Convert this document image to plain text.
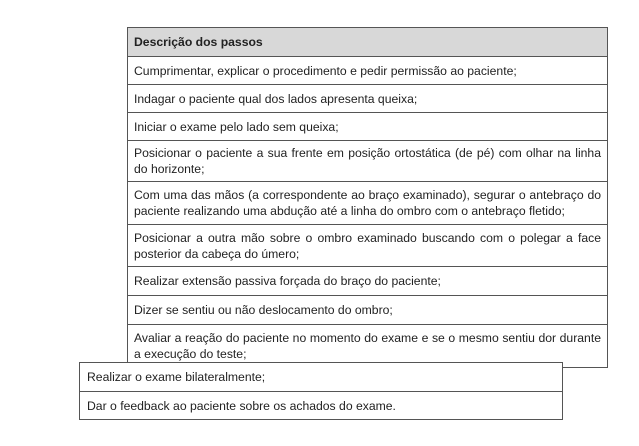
Descrição dos passos
Cumprimentar, explicar o procedimento e pedir permissão ao paciente;
Indagar o paciente qual dos lados apresenta queixa;
Iniciar o exame pelo lado sem queixa;
Posicionar o paciente a sua frente em posição ortostática (de pé) com olhar na linha do horizonte;
Com uma das mãos (a correspondente ao braço examinado), segurar o antebraço do paciente realizando uma abdução até a linha do ombro com o antebraço fletido;
Posicionar a outra mão sobre o ombro examinado buscando com o polegar a face posterior da cabeça do úmero;
Realizar extensão passiva forçada do braço do paciente;
Dizer se sentiu ou não deslocamento do ombro;
Avaliar a reação do paciente no momento do exame e se o mesmo sentiu dor durante a execução do teste;
Realizar o exame bilateralmente;
Dar o feedback ao paciente sobre os achados do exame.
